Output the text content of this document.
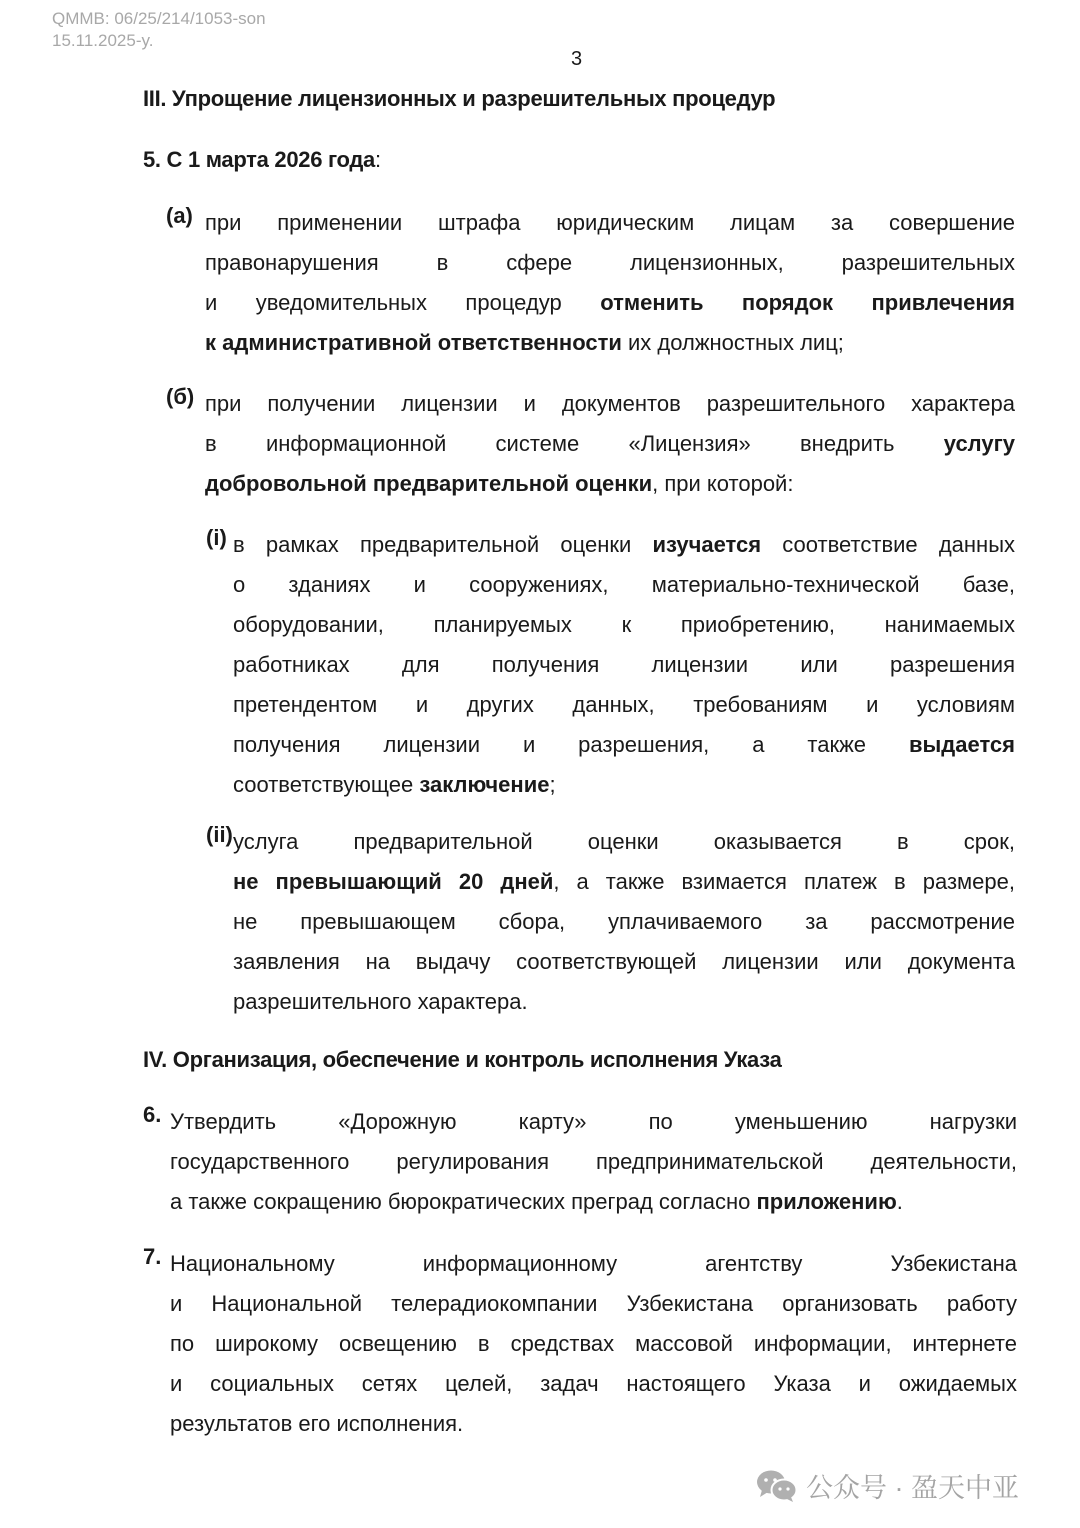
QMMB: 06/25/214/1053-son
15.11.2025-y.
3
III. Упрощение лицензионных и разрешительных процедур
5. С 1 марта 2026 года:
(а) при применении штрафа юридическим лицам за совершение
правонарушения в сфере лицензионных, разрешительных
и уведомительных процедур отменить порядок привлечения
к административной ответственности их должностных лиц;
(б) при получении лицензии и документов разрешительного характера
в информационной системе «Лицензия» внедрить услугу
добровольной предварительной оценки, при которой:
(i) в рамках предварительной оценки изучается соответствие данных
о зданиях и сооружениях, материально-технической базе,
оборудовании, планируемых к приобретению, нанимаемых
работниках для получения лицензии или разрешения
претендентом и других данных, требованиям и условиям
получения лицензии и разрешения, а также выдается
соответствующее заключение;
(ii) услуга предварительной оценки оказывается в срок,
не превышающий 20 дней, а также взимается платеж в размере,
не превышающем сбора, уплачиваемого за рассмотрение
заявления на выдачу соответствующей лицензии или документа
разрешительного характера.
IV. Организация, обеспечение и контроль исполнения Указа
6. Утвердить «Дорожную карту» по уменьшению нагрузки
государственного регулирования предпринимательской деятельности,
а также сокращению бюрократических преград согласно приложению.
7. Национальному информационному агентству Узбекистана
и Национальной телерадиокомпании Узбекистана организовать работу
по широкому освещению в средствах массовой информации, интернете
и социальных сетях целей, задач настоящего Указа и ожидаемых
результатов его исполнения.
公众号 · 盈天中亚
